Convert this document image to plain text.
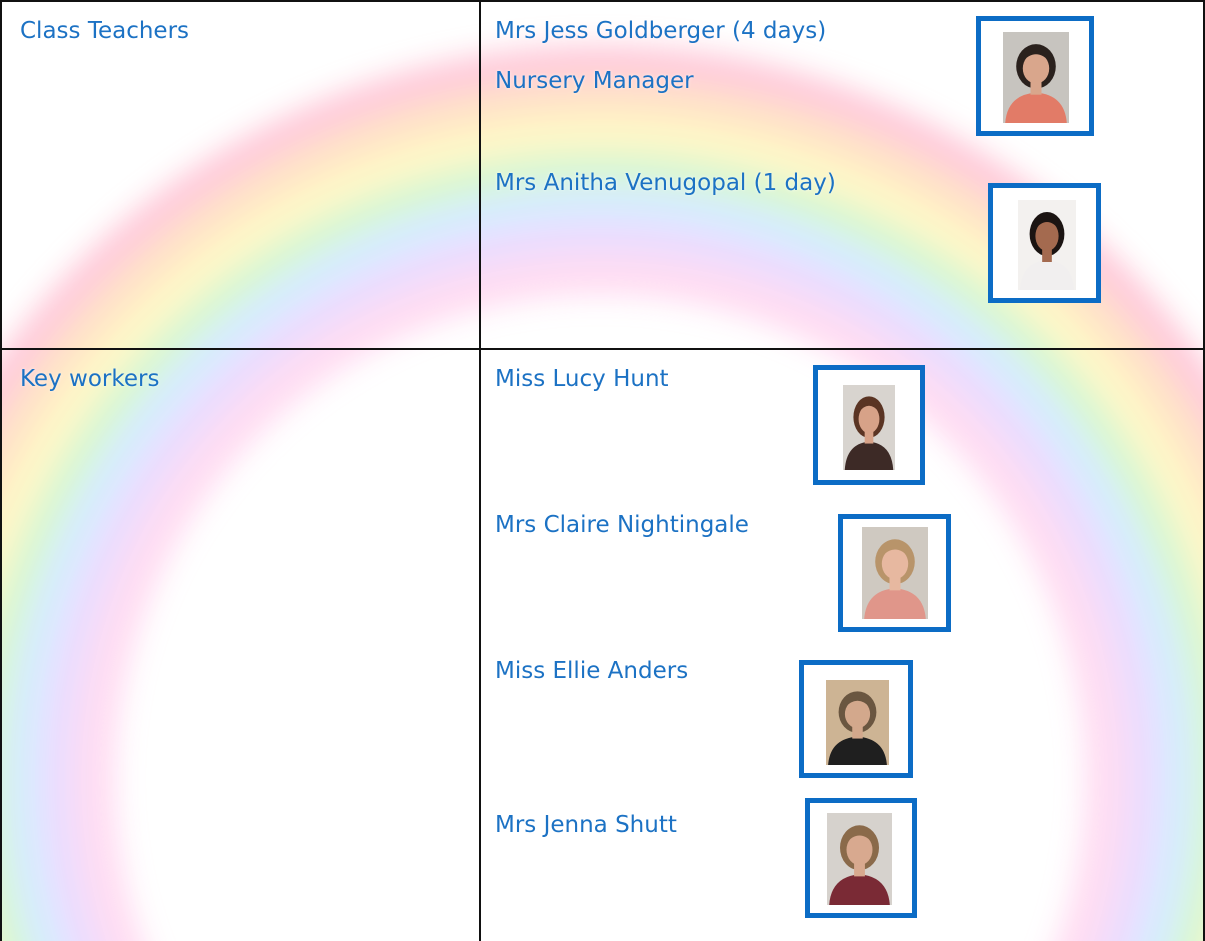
Class Teachers	Mrs Jess Goldberger (4 days)
Nursery Manager
Mrs Anitha Venugopal (1 day)
Key workers	Miss Lucy Hunt
Mrs Claire Nightingale
Miss Ellie Anders
Mrs Jenna Shutt
